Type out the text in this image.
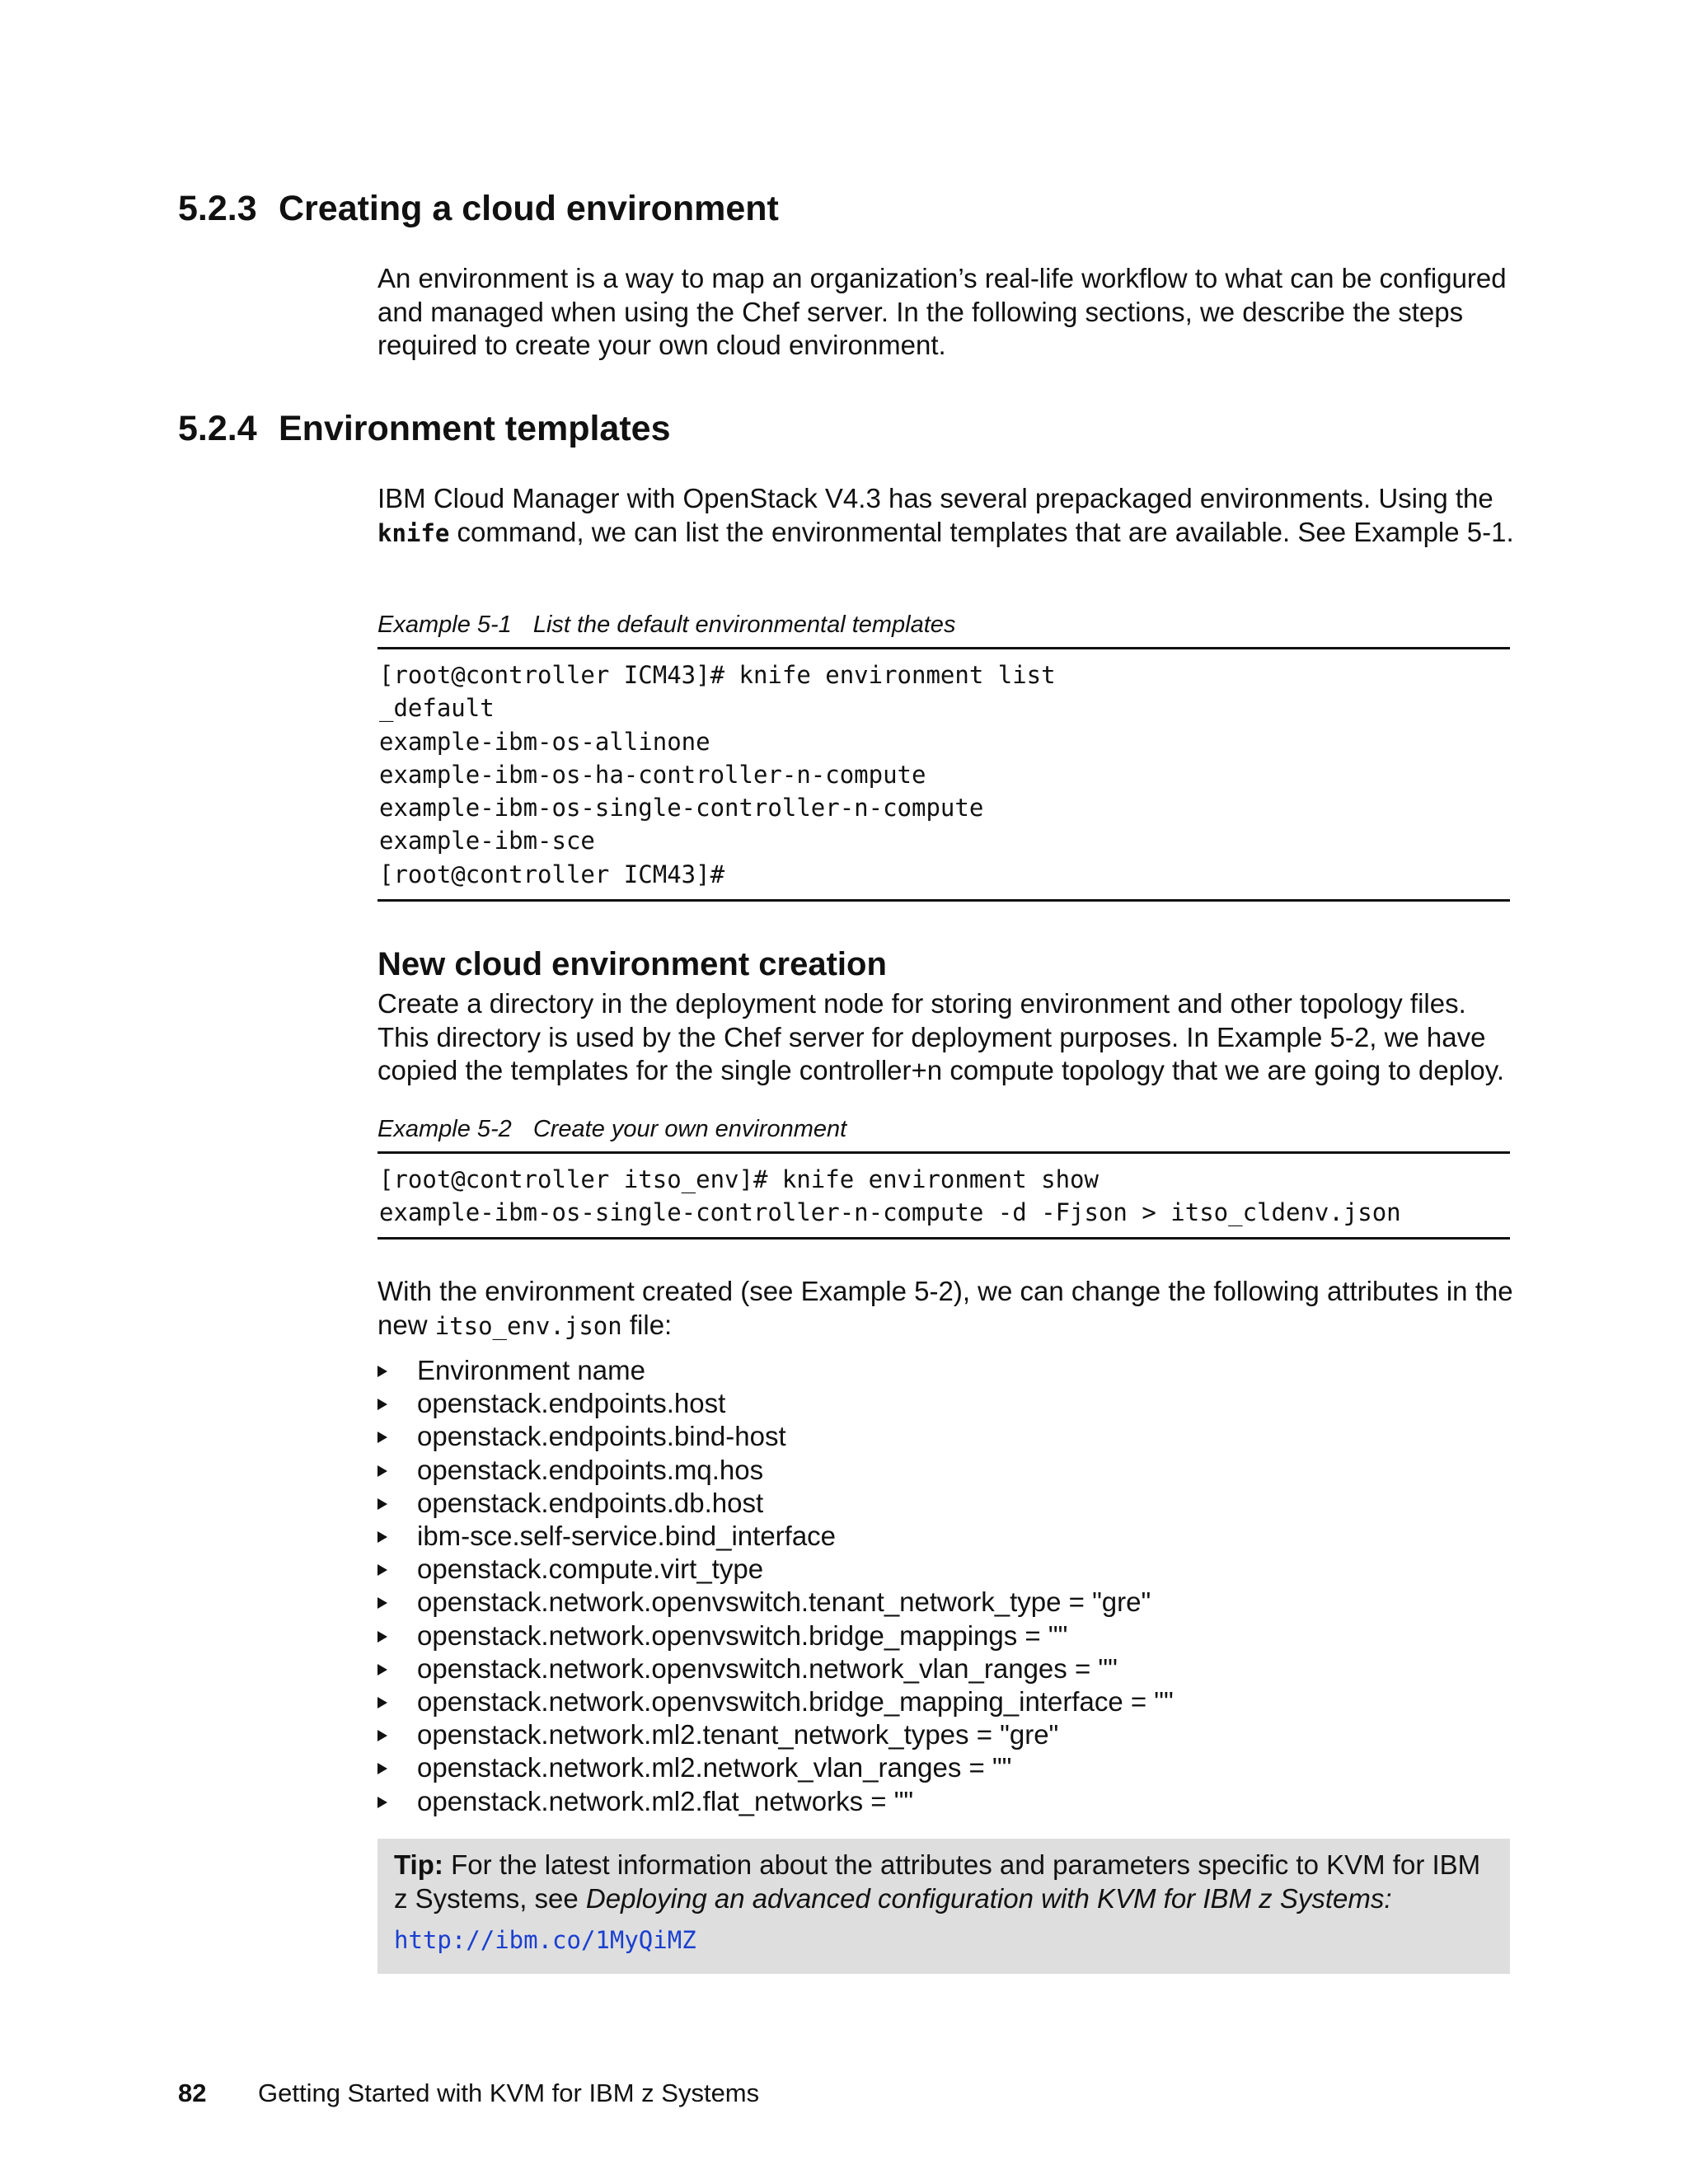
5.2.3 Creating a cloud environment

An environment is a way to map an organization’s real-life workflow to what can be configured and managed when using the Chef server. In the following sections, we describe the steps required to create your own cloud environment.

5.2.4 Environment templates

IBM Cloud Manager with OpenStack V4.3 has several prepackaged environments. Using the
knife command, we can list the environmental templates that are available. See Example 5-1.

Example 5-1 List the default environmental templates

[root@controller ICM43]# knife environment list
_default
example-ibm-os-allinone
example-ibm-os-ha-controller-n-compute
example-ibm-os-single-controller-n-compute
example-ibm-sce
[root@controller ICM43]#
New cloud environment creation

Create a directory in the deployment node for storing environment and other topology files. This directory is used by the Chef server for deployment purposes. In Example 5-2, we have copied the templates for the single controller+n compute topology that we are going to deploy.

Example 5-2 Create your own environment

[root@controller itso_env]# knife environment show
example-ibm-os-single-controller-n-compute -d -Fjson > itso_cldenv.json

With the environment created (see Example 5-2), we can change the following attributes in the new itso_env.json file:

Environment name
openstack.endpoints.host
openstack.endpoints.bind-host
openstack.endpoints.mq.hos
openstack.endpoints.db.host
ibm-sce.self-service.bind_interface
openstack.compute.virt_type
openstack.network.openvswitch.tenant_network_type = "gre"
openstack.network.openvswitch.bridge_mappings = ""
openstack.network.openvswitch.network_vlan_ranges = ""
openstack.network.openvswitch.bridge_mapping_interface = ""
openstack.network.ml2.tenant_network_types = "gre"
openstack.network.ml2.network_vlan_ranges = ""
openstack.network.ml2.flat_networks = ""

Tip: For the latest information about the attributes and parameters specific to KVM for IBM z Systems, see Deploying an advanced configuration with KVM for IBM z Systems:

http://ibm.co/1MyQiMZ
82 Getting Started with KVM for IBM z Systems
